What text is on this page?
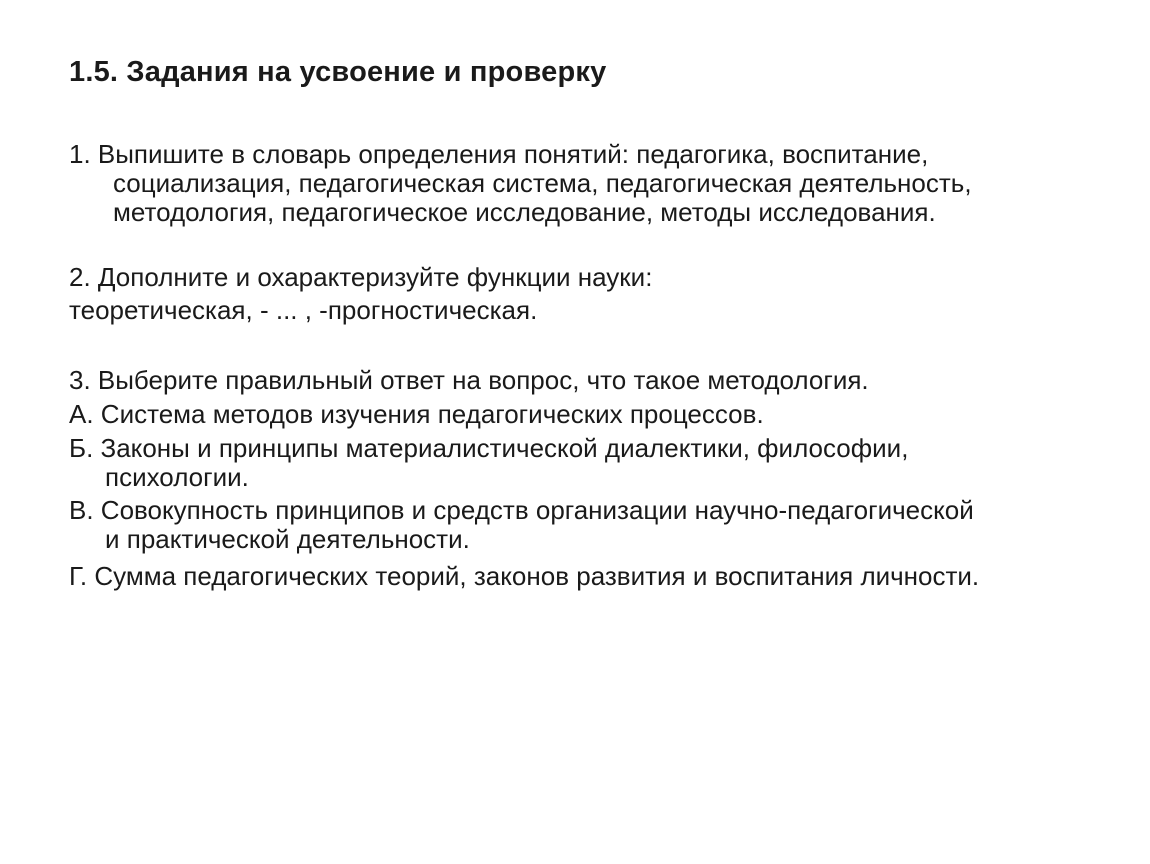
1.5. Задания на усвоение и проверку
1. Выпишите в словарь определения понятий: педагогика, воспитание,
социализация, педагогическая система, педагогическая деятельность,
методология, педагогическое исследование, методы исследования.
2. Дополните и охарактеризуйте функции науки:
теоретическая, - ... , -прогностическая.
3. Выберите правильный ответ на вопрос, что такое методология.
А. Система методов изучения педагогических процессов.
Б. Законы и принципы материалистической диалектики, философии,
психологии.
В. Совокупность принципов и средств организации научно-педагогической
и практической деятельности.
Г. Сумма педагогических теорий, законов развития и воспитания личности.
